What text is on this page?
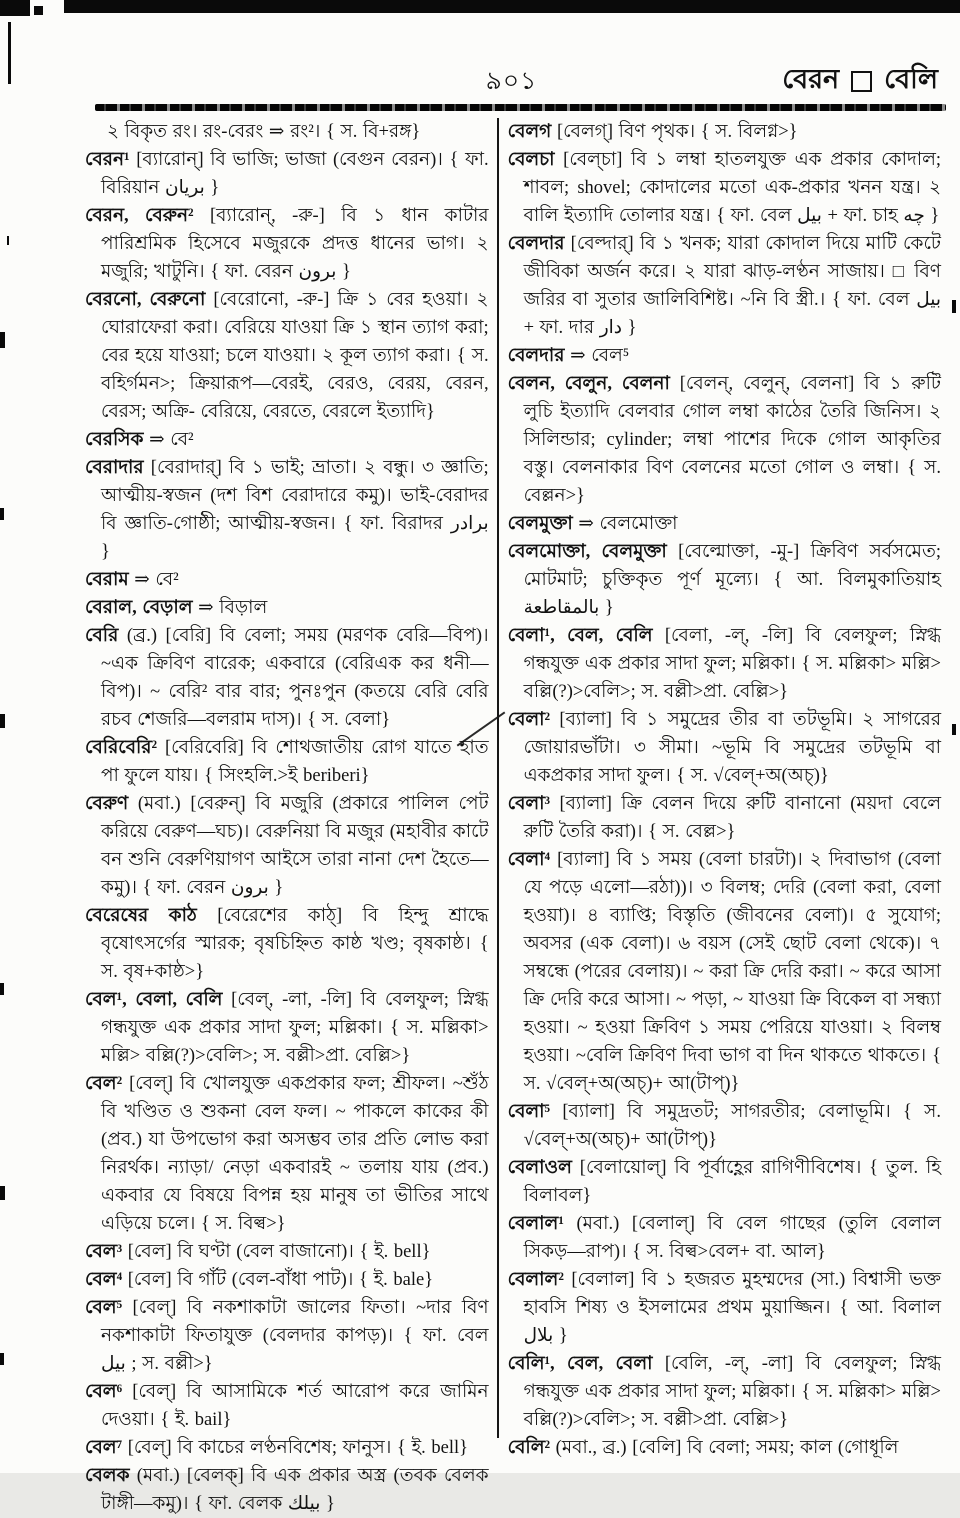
৯০১	বেরন বেলি

২ বিকৃত রং। রং-বেরং ⇒ রং²। { স. বি+রঙ্গ}

বেরন¹ [ব্যারোন্] বি ভাজি; ভাজা (বেগুন বেরন)। { ফা. বিরিয়ান بريان }

বেরন, বেরুন² [ব্যারোন্, -রু-] বি ১ ধান কাটার পারিশ্রমিক হিসেবে মজুরকে প্রদত্ত ধানের ভাগ। ২ মজুরি; খাটুনি। { ফা. বেরন برون }

বেরনো, বেরুনো [বেরোনো, -রু-] ক্রি ১ বের হওয়া। ২ ঘোরাফেরা করা। বেরিয়ে যাওয়া ক্রি ১ স্থান ত্যাগ করা; বের হয়ে যাওয়া; চলে যাওয়া। ২ কূল ত্যাগ করা। { স. বহির্গমন>; ক্রিয়ারূপ—বেরই, বেরও, বেরয়, বেরন, বেরস; অক্রি- বেরিয়ে, বেরতে, বেরলে ইত্যাদি}

বেরসিক ⇒ বে²

বেরাদার [বেরাদার্] বি ১ ভাই; ভ্রাতা। ২ বন্ধু। ৩ জ্ঞাতি; আত্মীয়-স্বজন (দশ বিশ বেরাদারে কমু)। ভাই-বেরাদর বি জ্ঞাতি-গোষ্ঠী; আত্মীয়-স্বজন। { ফা. বিরাদর برادر }

বেরাম ⇒ বে²

বেরাল, বেড়াল ⇒ বিড়াল

বেরি (ব্র.) [বেরি] বি বেলা; সময় (মরণক বেরি—বিপ)। ~এক ক্রিবিণ বারেক; একবারে (বেরিএক কর ধনী—বিপ)। ~ বেরি² বার বার; পুনঃপুন (কতয়ে বেরি বেরি রচব শেজরি—বলরাম দাস)। { স. বেলা}

বেরিবেরি² [বেরিবেরি] বি শোথজাতীয় রোগ যাতে হাত পা ফুলে যায়। { সিংহলি.>ই beriberi}

বেরুণ (মবা.) [বেরুন্] বি মজুরি (প্রকারে পালিল পেট করিয়ে বেরুণ—ঘচ)। বেরুনিয়া বি মজুর (মহাবীর কাটে বন শুনি বেরুণিয়াগণ আইসে তারা নানা দেশ হৈতে—কমু)। { ফা. বেরন برون }

বেরেষের কাঠ [বেরেশের কাঠ্] বি হিন্দু শ্রাদ্ধে বৃষোৎসর্গের স্মারক; বৃষচিহ্নিত কাষ্ঠ খণ্ড; বৃষকাষ্ঠ। { স. বৃষ+কাষ্ঠ>}

বেল¹, বেলা, বেলি [বেল্, -লা, -লি] বি বেলফুল; স্নিগ্ধ গন্ধযুক্ত এক প্রকার সাদা ফুল; মল্লিকা। { স. মল্লিকা> মল্লি> বল্লি(?)>বেলি>; স. বল্লী>প্রা. বেল্লি>}

বেল² [বেল্] বি খোলযুক্ত একপ্রকার ফল; শ্রীফল। ~শুঁঠ বি খণ্ডিত ও শুকনা বেল ফল। ~ পাকলে কাকের কী (প্রব.) যা উপভোগ করা অসম্ভব তার প্রতি লোভ করা নিরর্থক। ন্যাড়া/ নেড়া একবারই ~ তলায় যায় (প্রব.) একবার যে বিষয়ে বিপন্ন হয় মানুষ তা ভীতির সাথে এড়িয়ে চলে। { স. বিল্ব>}

বেল³ [বেল] বি ঘণ্টা (বেল বাজানো)। { ই. bell}

বেল⁴ [বেল] বি গাঁট (বেল-বাঁধা পাট)। { ই. bale}

বেল⁵ [বেল্] বি নকশাকাটা জালের ফিতা। ~দার বিণ নকশাকাটা ফিতাযুক্ত (বেলদার কাপড়)। { ফা. বেল بيل ; স. বল্লী>}

বেল⁶ [বেল্] বি আসামিকে শর্ত আরোপ করে জামিন দেওয়া। { ই. bail}

বেল⁷ [বেল্] বি কাচের লণ্ঠনবিশেষ; ফানুস। { ই. bell}

বেলক (মবা.) [বেলক্] বি এক প্রকার অস্ত্র (তবক বেলক টাঙ্গী—কমু)। { ফা. বেলক بيلك }

বেলগ [বেলগ্] বিণ পৃথক। { স. বিলগ্ন>}

বেলচা [বেল্চা] বি ১ লম্বা হাতলযুক্ত এক প্রকার কোদাল; শাবল; shovel; কোদালের মতো এক-প্রকার খনন যন্ত্র। ২ বালি ইত্যাদি তোলার যন্ত্র। { ফা. বেল بيل + ফা. চাহ چه }

বেলদার [বেল্দার্] বি ১ খনক; যারা কোদাল দিয়ে মাটি কেটে জীবিকা অর্জন করে। ২ যারা ঝাড়-লণ্ঠন সাজায়। □ বিণ জরির বা সুতার জালিবিশিষ্ট। ~নি বি স্ত্রী.। { ফা. বেল بيل + ফা. দার دار }

বেলদার ⇒ বেল⁵

বেলন, বেলুন, বেলনা [বেলন্, বেলুন্, বেলনা] বি ১ রুটি লুচি ইত্যাদি বেলবার গোল লম্বা কাঠের তৈরি জিনিস। ২ সিলিন্ডার; cylinder; লম্বা পাশের দিকে গোল আকৃতির বস্তু। বেলনাকার বিণ বেলনের মতো গোল ও লম্বা। { স. বেল্লন>}

বেলমুক্তা ⇒ বেলমোক্তা

বেলমোক্তা, বেলমুক্তা [বেল্মোক্তা, -মু-] ক্রিবিণ সর্বসমেত; মোটমাট; চুক্তিকৃত পূর্ণ মূল্যে। { আ. বিলমুকাতিয়াহ بالمقاطعة }

বেলা¹, বেল, বেলি [বেলা, -ল্, -লি] বি বেলফুল; স্নিগ্ধ গন্ধযুক্ত এক প্রকার সাদা ফুল; মল্লিকা। { স. মল্লিকা> মল্লি> বল্লি(?)>বেলি>; স. বল্লী>প্রা. বেল্লি>}

বেলা² [ব্যালা] বি ১ সমুদ্রের তীর বা তটভূমি। ২ সাগরের জোয়ারভাঁটা। ৩ সীমা। ~ভূমি বি সমুদ্রের তটভূমি বা একপ্রকার সাদা ফুল। { স. √বেল্+অ(অচ্)}

বেলা³ [ব্যালা] ক্রি বেলন দিয়ে রুটি বানানো (ময়দা বেলে রুটি তৈরি করা)। { স. বেল্ল>}

বেলা⁴ [ব্যালা] বি ১ সময় (বেলা চারটা)। ২ দিবাভাগ (বেলা যে পড়ে এলো—রঠা))। ৩ বিলম্ব; দেরি (বেলা করা, বেলা হওয়া)। ৪ ব্যাপ্তি; বিস্তৃতি (জীবনের বেলা)। ৫ সুযোগ; অবসর (এক বেলা)। ৬ বয়স (সেই ছোট বেলা থেকে)। ৭ সম্বন্ধে (পরের বেলায়)। ~ করা ক্রি দেরি করা। ~ করে আসা ক্রি দেরি করে আসা। ~ পড়া, ~ যাওয়া ক্রি বিকেল বা সন্ধ্যা হওয়া। ~ হওয়া ক্রিবিণ ১ সময় পেরিয়ে যাওয়া। ২ বিলম্ব হওয়া। ~বেলি ক্রিবিণ দিবা ভাগ বা দিন থাকতে থাকতে। { স. √বেল্+অ(অচ্)+ আ(টাপ্)}

বেলা⁵ [ব্যালা] বি সমুদ্রতট; সাগরতীর; বেলাভূমি। { স. √বেল্+অ(অচ্)+ আ(টাপ্)}

বেলাওল [বেলায়োল্] বি পূর্বাহ্ণের রাগিণীবিশেষ। { তুল. হি বিলাবল}

বেলাল¹ (মবা.) [বেলাল্] বি বেল গাছের (তুলি বেলাল সিকড়—রাপ)। { স. বিল্ব>বেল+ বা. আল}

বেলাল² [বেলাল] বি ১ হজরত মুহম্মদের (সা.) বিশ্বাসী ভক্ত হাবসি শিষ্য ও ইসলামের প্রথম মুয়াজ্জিন। { আ. বিলাল بلال }

বেলি¹, বেল, বেলা [বেলি, -ল্, -লা] বি বেলফুল; স্নিগ্ধ গন্ধযুক্ত এক প্রকার সাদা ফুল; মল্লিকা। { স. মল্লিকা> মল্লি> বল্লি(?)>বেলি>; স. বল্লী>প্রা. বেল্লি>}

বেলি² (মবা., ব্র.) [বেলি] বি বেলা; সময়; কাল (গোধূলি
